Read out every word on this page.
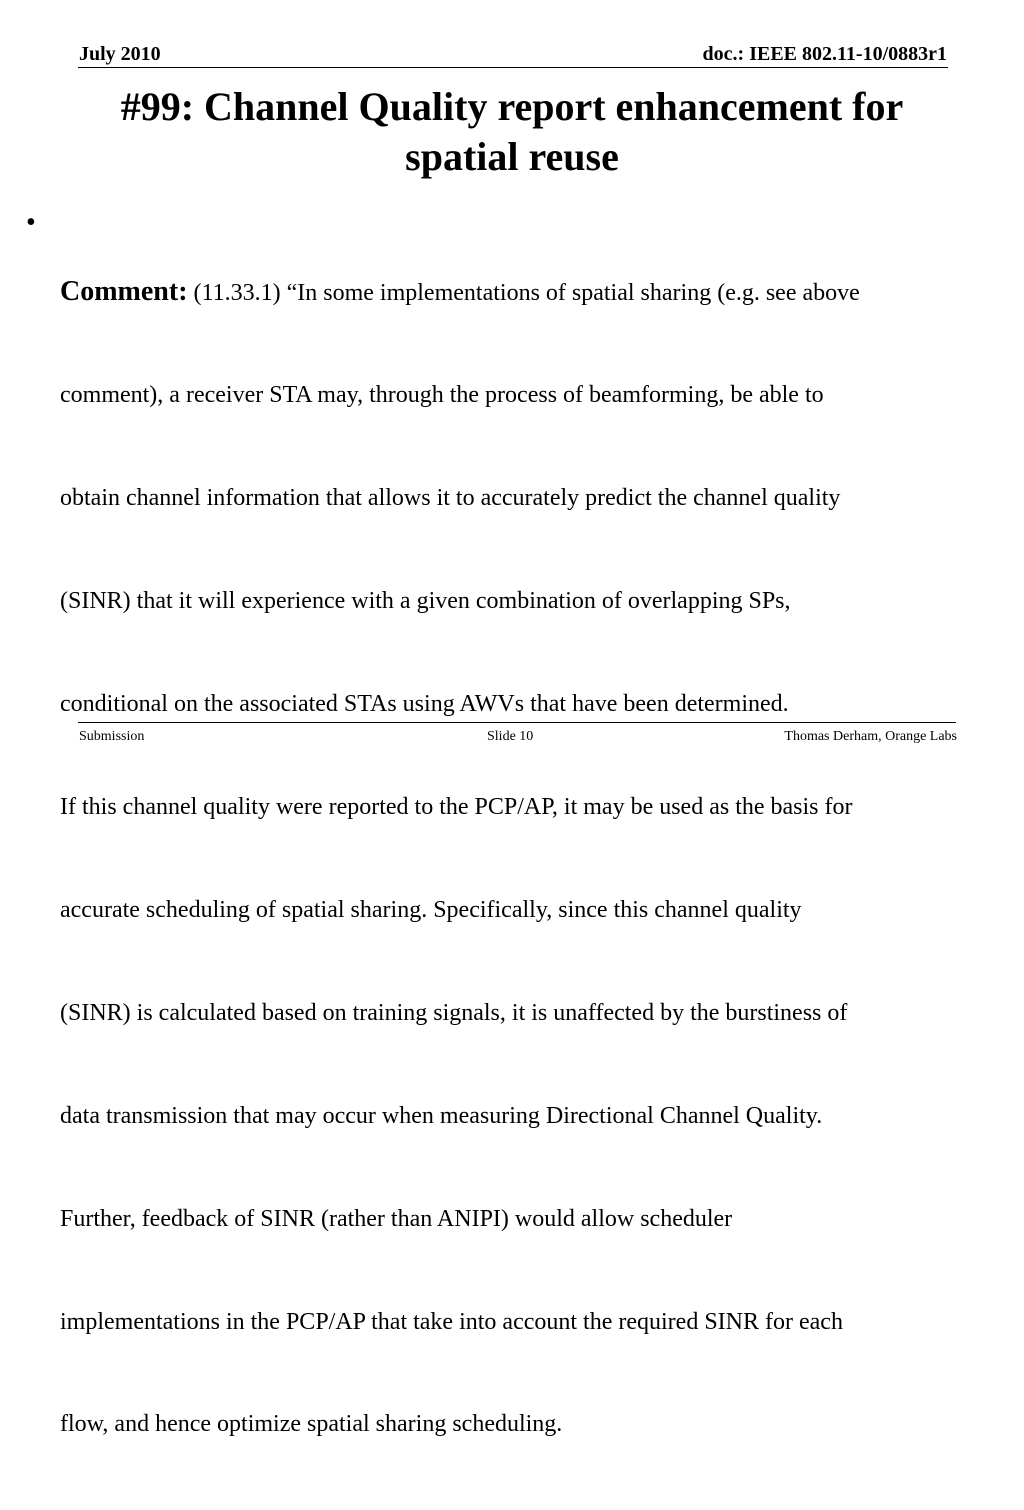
July 2010	doc.: IEEE 802.11-10/0883r1
#99: Channel Quality report enhancement for
spatial reuse
•

Comment: (11.33.1) “In some implementations of spatial sharing (e.g. see above

comment), a receiver STA may, through the process of beamforming, be able to

obtain channel information that allows it to accurately predict the channel quality

(SINR) that it will experience with a given combination of overlapping SPs,

conditional on the associated STAs using AWVs that have been determined.

If this channel quality were reported to the PCP/AP, it may be used as the basis for

accurate scheduling of spatial sharing. Specifically, since this channel quality

(SINR) is calculated based on training signals, it is unaffected by the burstiness of

data transmission that may occur when measuring Directional Channel Quality.

Further, feedback of SINR (rather than ANIPI) would allow scheduler

implementations in the PCP/AP that take into account the required SINR for each

flow, and hence optimize spatial sharing scheduling.

Submission	Slide 10	Thomas Derham, Orange Labs
